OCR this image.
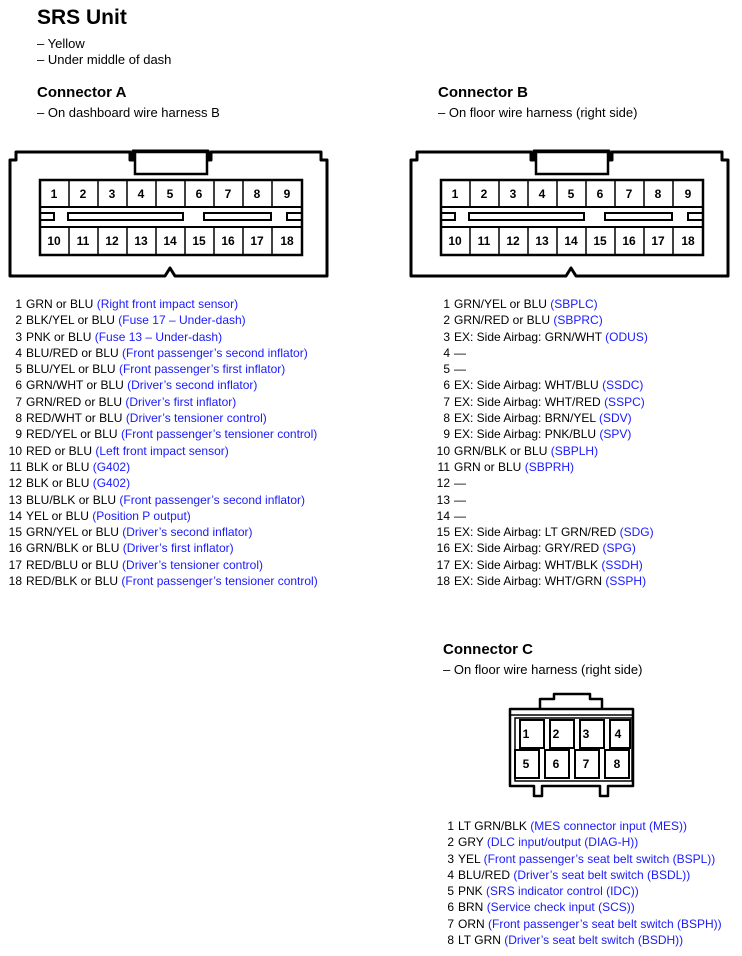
SRS Unit
– Yellow
– Under middle of dash
Connector A
– On dashboard wire harness B
1 2 3 4 5 6 7 8 9
10 11 12 13 14 15 16 17 18
Connector B
– On floor wire harness (right side)
1 2 3 4 5 6 7 8 9
10 11 12 13 14 15 16 17 18
1 GRN or BLU (Right front impact sensor)
2 BLK/YEL or BLU (Fuse 17 – Under-dash)
3 PNK or BLU (Fuse 13 – Under-dash)
4 BLU/RED or BLU (Front passenger’s second inflator)
5 BLU/YEL or BLU (Front passenger’s first inflator)
6 GRN/WHT or BLU (Driver’s second inflator)
7 GRN/RED or BLU (Driver’s first inflator)
8 RED/WHT or BLU (Driver’s tensioner control)
9 RED/YEL or BLU (Front passenger’s tensioner control)
10 RED or BLU (Left front impact sensor)
11 BLK or BLU (G402)
12 BLK or BLU (G402)
13 BLU/BLK or BLU (Front passenger’s second inflator)
14 YEL or BLU (Position P output)
15 GRN/YEL or BLU (Driver’s second inflator)
16 GRN/BLK or BLU (Driver’s first inflator)
17 RED/BLU or BLU (Driver’s tensioner control)
18 RED/BLK or BLU (Front passenger’s tensioner control)
1 GRN/YEL or BLU (SBPLC)
2 GRN/RED or BLU (SBPRC)
3 EX: Side Airbag: GRN/WHT (ODUS)
4 —
5 —
6 EX: Side Airbag: WHT/BLU (SSDC)
7 EX: Side Airbag: WHT/RED (SSPC)
8 EX: Side Airbag: BRN/YEL (SDV)
9 EX: Side Airbag: PNK/BLU (SPV)
10 GRN/BLK or BLU (SBPLH)
11 GRN or BLU (SBPRH)
12 —
13 —
14 —
15 EX: Side Airbag: LT GRN/RED (SDG)
16 EX: Side Airbag: GRY/RED (SPG)
17 EX: Side Airbag: WHT/BLK (SSDH)
18 EX: Side Airbag: WHT/GRN (SSPH)
Connector C
– On floor wire harness (right side)
1 2 3 4
5 6 7 8
1 LT GRN/BLK (MES connector input (MES))
2 GRY (DLC input/output (DIAG-H))
3 YEL (Front passenger’s seat belt switch (BSPL))
4 BLU/RED (Driver’s seat belt switch (BSDL))
5 PNK (SRS indicator control (IDC))
6 BRN (Service check input (SCS))
7 ORN (Front passenger’s seat belt switch (BSPH))
8 LT GRN (Driver’s seat belt switch (BSDH))
